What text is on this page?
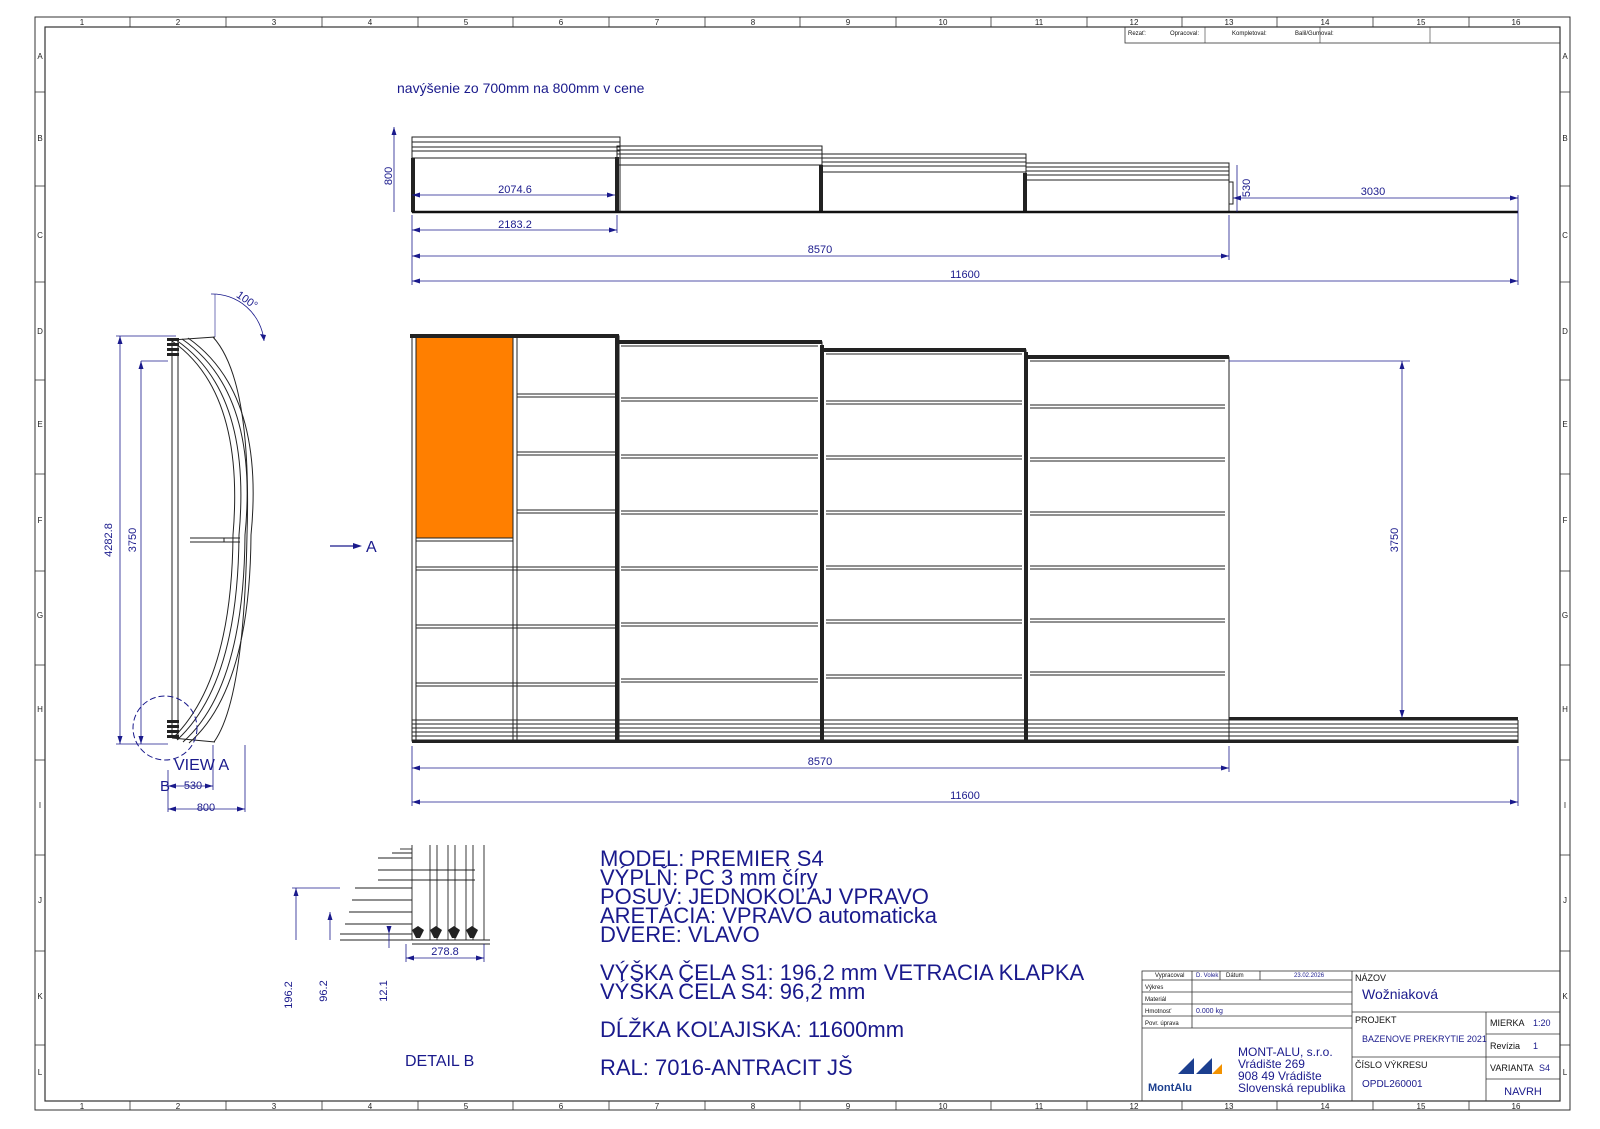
1	2	3	4	5	6	7	8	9	10	11	12	13	14	15	16
1	2	3	4	5	6	7	8	9	10	11	12	13	14	15	16
A
B
C
D
E
F
G
H
I
J
K
L
A
B
C
D
E
F
G
H
I
J
K
L
Rezať:	Opracoval:	Kompletoval:	Balil/Gumoval:
navýšenie zo 700mm na 800mm v cene
800
2074.6
2183.2
530	3030
8570
11600
100°
4282.8 3750
VIEW A
B 530
800
A	3750
8570
11600
196.2 96.2	12.1
278.8
DETAIL B
MODEL: PREMIER S4
VÝPLŇ: PC 3 mm číry
POSUV: JEDNOKOĽAJ VPRAVO
ARETÁCIA: VPRAVO automaticka
DVERE: VLAVO
VÝŠKA ČELA S1: 196,2 mm VETRACIA KLAPKA
VÝŠKA ČELA S4: 96,2 mm
DĹŽKA KOĽAJISKA: 11600mm
RAL: 7016-ANTRACIT JŠ
Vypracoval D. Volek Dátum	23.02.2026
Výkres
Materiál
Hmotnosť	0.000 kg
Povr. úprava
NÁZOV
Wožniaková
PROJEKT
BAZENOVE PREKRYTIE 2021
MIERKA 1:20
Revízia 1
ČÍSLO VÝKRESU
OPDL260001
VARIANTA S4
NAVRH
MontAlu
MONT-ALU, s.r.o.
Vrádište 269
908 49 Vrádište
Slovenská republika
